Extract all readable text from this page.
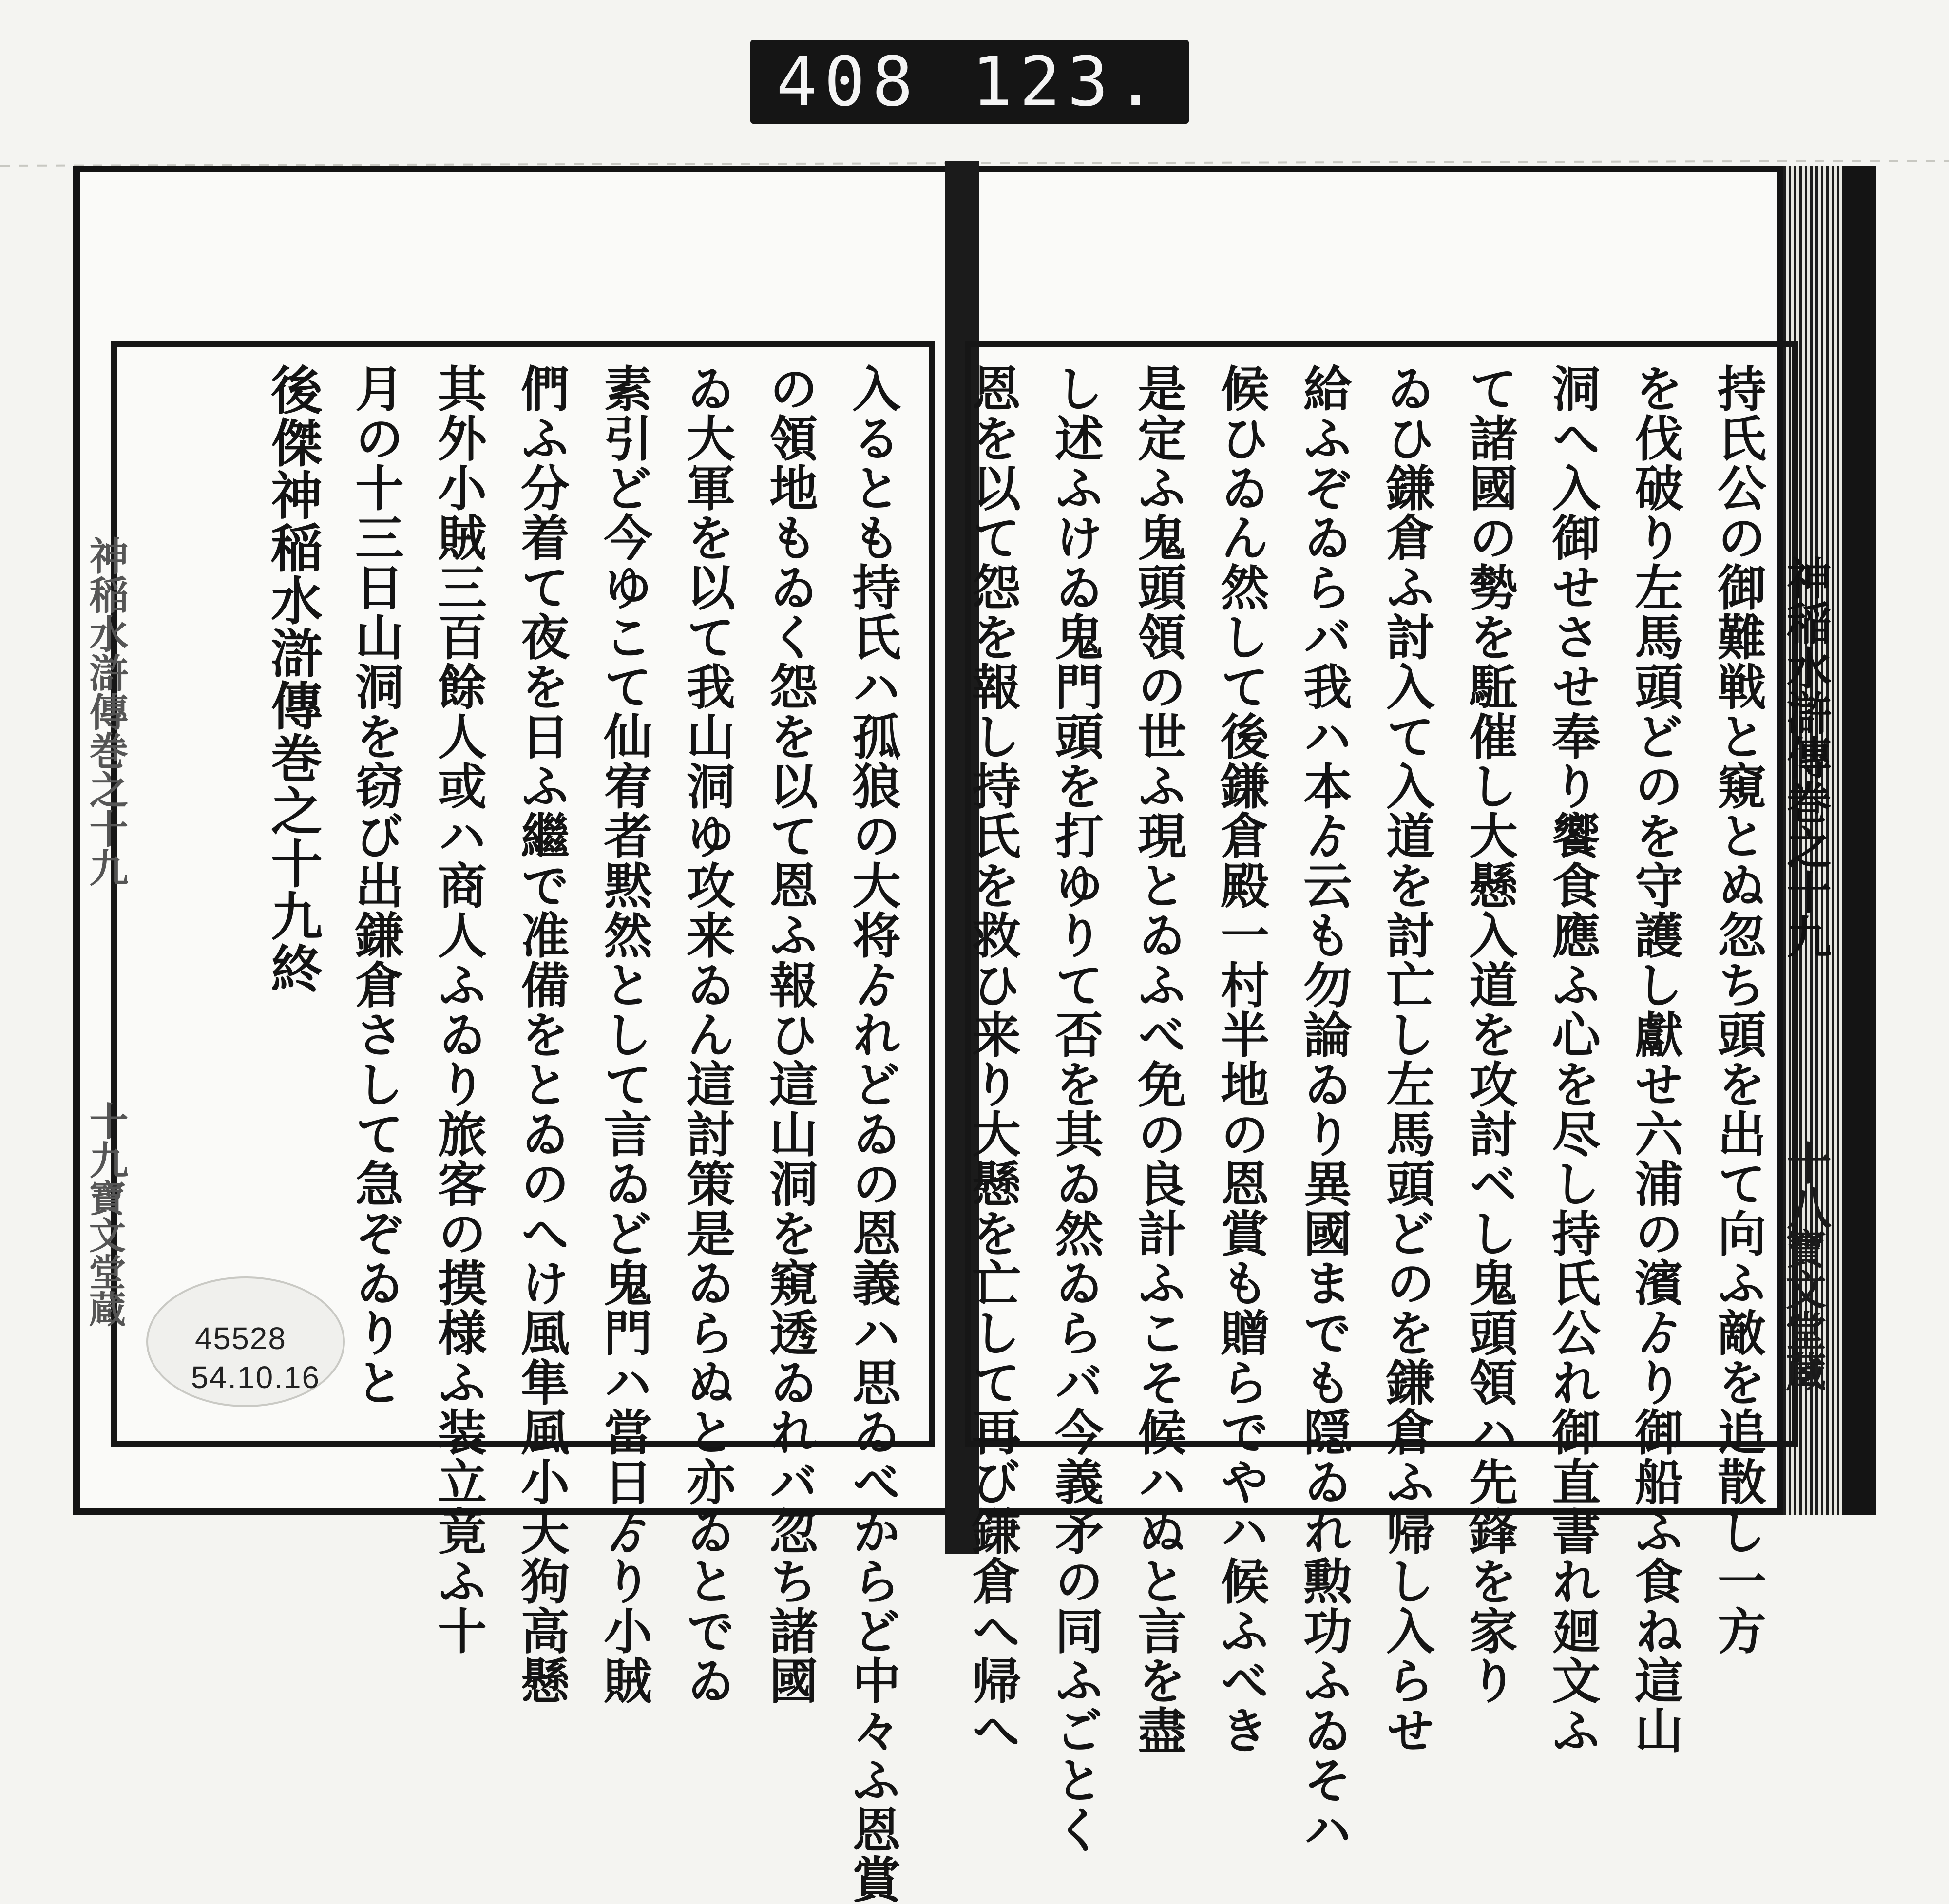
408 123.
持氏公の御難戦と窺とぬ忽ち頭を出て向ふ敵を追散し一方
を伐破り左馬頭どのを守護し獻せ六浦の濱ゟり御船ふ食ね這山
洞へ入御せさせ奉り饗食應ふ心を尽し持氏公れ御直書れ廻文ふ
て諸國の勢を駈催し大懸入道を攻討ベし鬼頭領ハ先鋒を家り
ゐひ鎌倉ふ討入て入道を討亡し左馬頭どのを鎌倉ふ帰し入らせ
給ふぞゐらバ我ハ本ゟ云も勿論ゐり異國までも隠ゐれ勲功ふゐそハ
候ひゐん然して後鎌倉殿一村半地の恩賞も贈らでやハ候ふべき
是定ふ鬼頭領の世ふ現とゐふべ免の良計ふこそ候ハぬと言を盡
し述ふけゐ鬼門頭を打ゆりて否を其ゐ然ゐらバ今義矛の同ふごとく
恩を以て怨を報し持氏を救ひ来り大懸を亡して再び鎌倉へ帰へ
入るとも持氏ハ孤狼の大将ゟれどゐの恩義ハ思ゐべからど中々ふ恩賞
の領地もゐく怨を以て恩ふ報ひ這山洞を窺透ゐれバ忽ち諸國
ゐ大軍を以て我山洞ゆ攻来ゐん這討策是ゐらぬと亦ゐとでゐ
素引ど今ゆこて仙宥者黙然として言ゐど鬼門ハ當日ゟり小賊
們ふ分着て夜を日ふ繼で准備をとゐのへけ風隼風小天狗高懸
其外小賊三百餘人或ハ商人ふゐり旅客の摸様ふ装立竟ふ十
月の十三日山洞を窃び出鎌倉さして急ぞゐりと
後傑神稲水滸傳巻之十九終	神稲水滸傳巻之十九
十八
寶文堂蔵
神稲水滸傳巻之十九
十九
寶文堂蔵
45528
54.10.16
